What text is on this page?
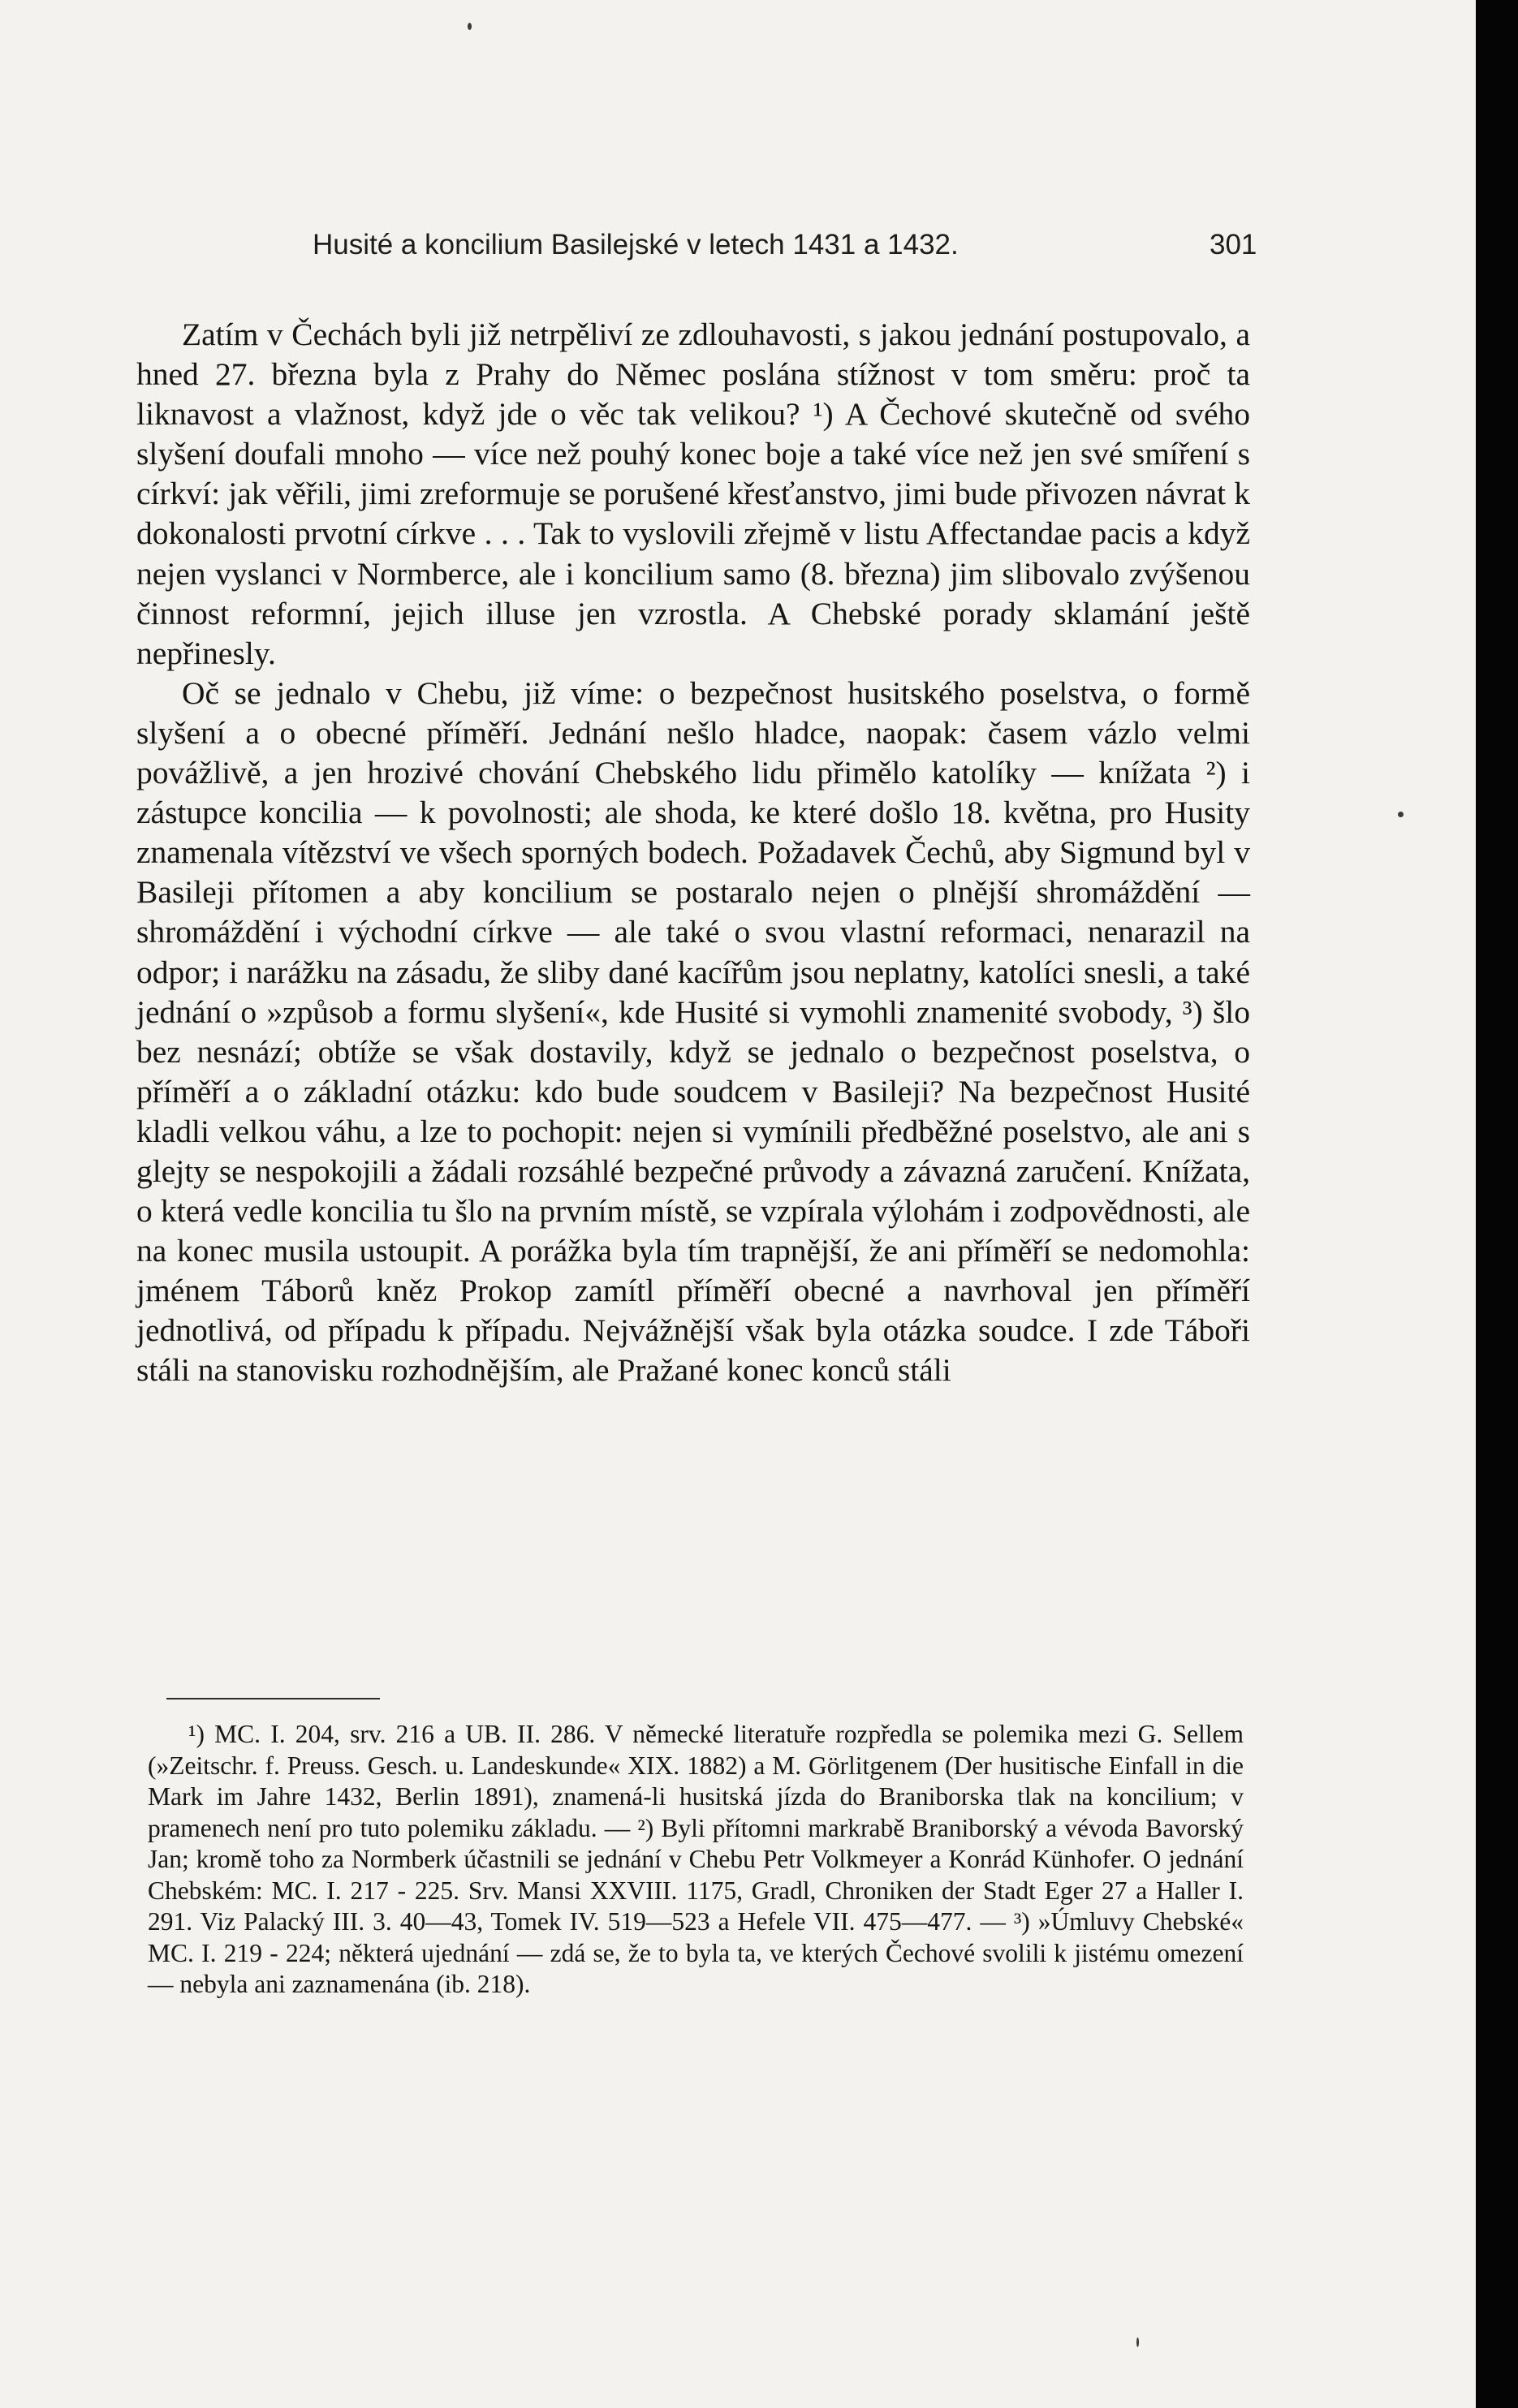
Husité a koncilium Basilejské v letech 1431 a 1432.	301

Zatím v Čechách byli již netrpěliví ze zdlouhavosti, s jakou jednání postupovalo, a hned 27. března byla z Prahy do Němec poslána stížnost v tom směru: proč ta liknavost a vlažnost, když jde o věc tak velikou? ¹) A Čechové skutečně od svého slyšení doufali mnoho — více než pouhý konec boje a také více než jen své smíření s církví: jak věřili, jimi zreformuje se porušené křesťanstvo, jimi bude přivozen návrat k dokonalosti prvotní církve . . . Tak to vyslovili zřejmě v listu Affectandae pacis a když nejen vyslanci v Normberce, ale i koncilium samo (8. března) jim slibovalo zvýšenou činnost reformní, jejich illuse jen vzrostla. A Chebské porady sklamání ještě nepřinesly.

Oč se jednalo v Chebu, již víme: o bezpečnost husitského poselstva, o formě slyšení a o obecné příměří. Jednání nešlo hladce, naopak: časem vázlo velmi povážlivě, a jen hrozivé chování Chebského lidu přimělo katolíky — knížata ²) i zástupce koncilia — k povolnosti; ale shoda, ke které došlo 18. května, pro Husity znamenala vítězství ve všech sporných bodech. Požadavek Čechů, aby Sigmund byl v Basileji přítomen a aby koncilium se postaralo nejen o plnější shromáždění — shromáždění i východní církve — ale také o svou vlastní reformaci, nenarazil na odpor; i narážku na zásadu, že sliby dané kacířům jsou neplatny, katolíci snesli, a také jednání o »způsob a formu slyšení«, kde Husité si vymohli znamenité svobody, ³) šlo bez nesnází; obtíže se však dostavily, když se jednalo o bezpečnost poselstva, o příměří a o základní otázku: kdo bude soudcem v Basileji? Na bezpečnost Husité kladli velkou váhu, a lze to pochopit: nejen si vymínili předběžné poselstvo, ale ani s glejty se nespokojili a žádali rozsáhlé bezpečné průvody a závazná zaručení. Knížata, o která vedle koncilia tu šlo na prvním místě, se vzpírala výlohám i zodpovědnosti, ale na konec musila ustoupit. A porážka byla tím trapnější, že ani příměří se nedomohla: jménem Táborů kněz Prokop zamítl příměří obecné a navrhoval jen příměří jednotlivá, od případu k případu. Nejvážnější však byla otázka soudce. I zde Táboři stáli na stanovisku rozhodnějším, ale Pražané konec konců stáli

¹) MC. I. 204, srv. 216 a UB. II. 286. V německé literatuře rozpředla se polemika mezi G. Sellem (»Zeitschr. f. Preuss. Gesch. u. Landeskunde« XIX. 1882) a M. Görlitgenem (Der husitische Einfall in die Mark im Jahre 1432, Berlin 1891), znamená-li husitská jízda do Braniborska tlak na koncilium; v pramenech není pro tuto polemiku základu. — ²) Byli přítomni markrabě Braniborský a vévoda Bavorský Jan; kromě toho za Normberk účastnili se jednání v Chebu Petr Volkmeyer a Konrád Künhofer. O jednání Chebském: MC. I. 217 - 225. Srv. Mansi XXVIII. 1175, Gradl, Chroniken der Stadt Eger 27 a Haller I. 291. Viz Palacký III. 3. 40—43, Tomek IV. 519—523 a Hefele VII. 475—477. — ³) »Úmluvy Chebské« MC. I. 219 - 224; některá ujednání — zdá se, že to byla ta, ve kterých Čechové svolili k jistému omezení — nebyla ani zaznamenána (ib. 218).
